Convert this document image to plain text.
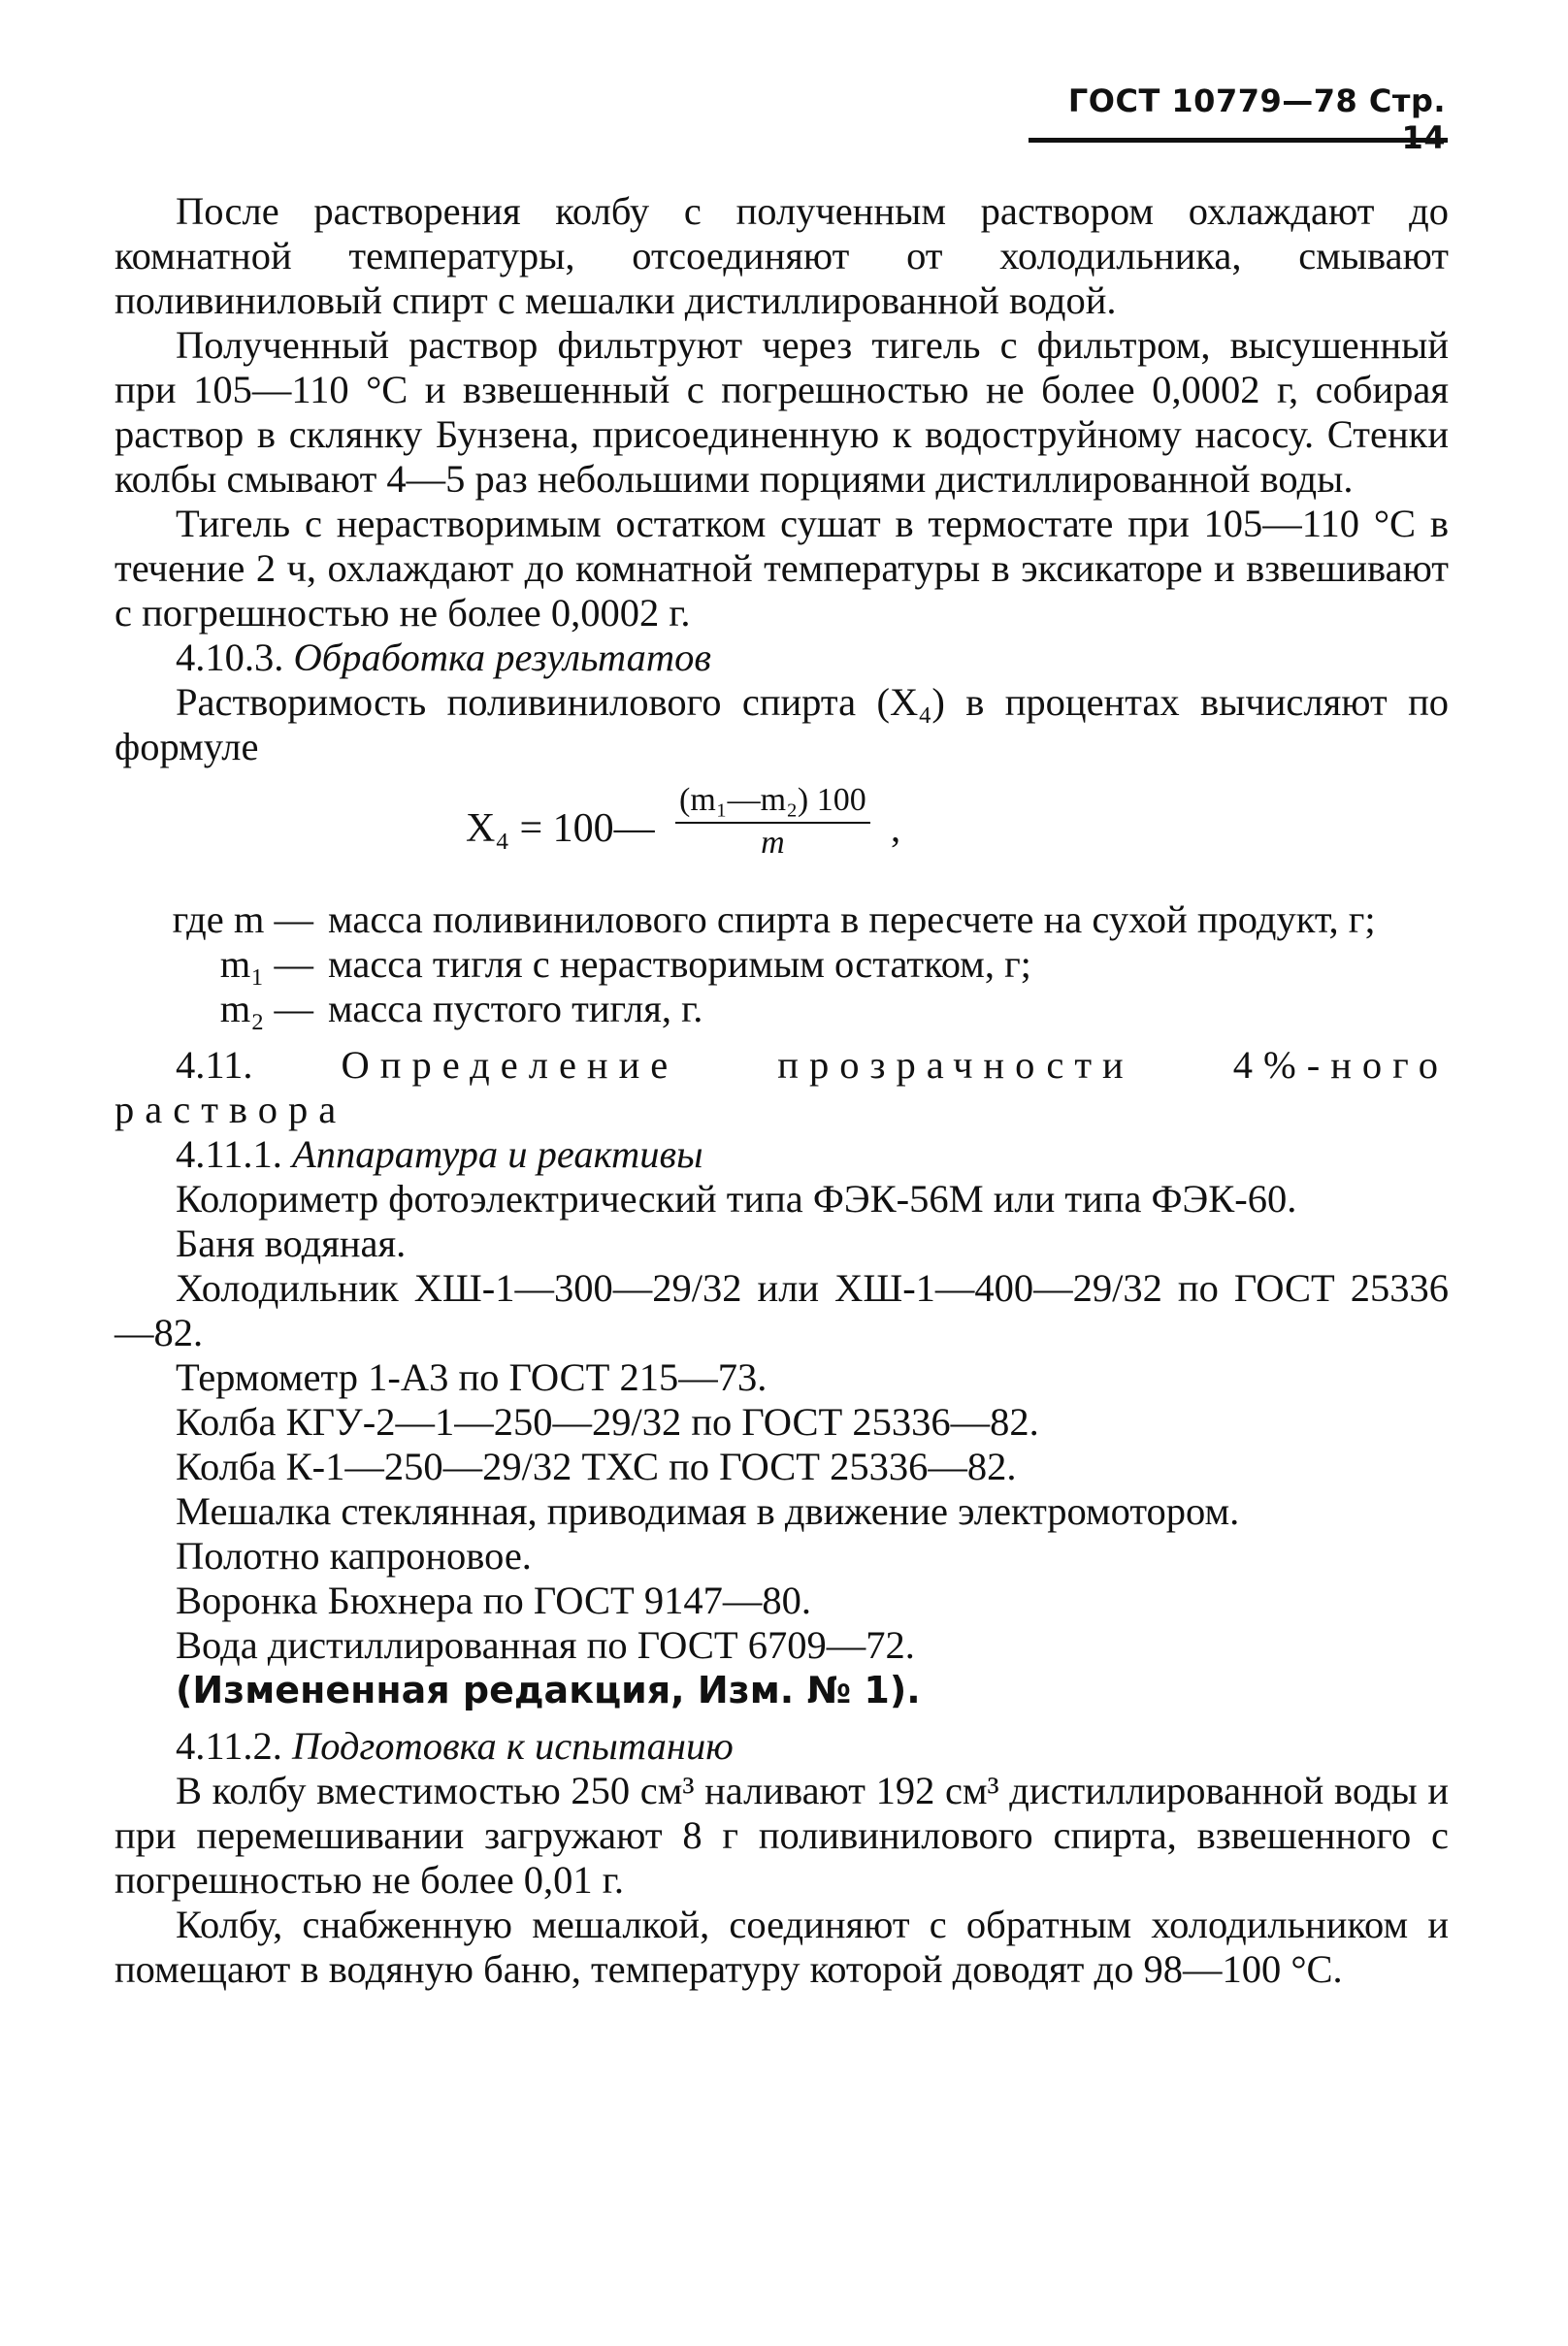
ГОСТ 10779—78 Стр.

После растворения колбу с полученным раствором охлаждают до комнатной температуры, отсоединяют от холодильника, смывают поливиниловый спирт с мешалки дистиллированной водой.

Полученный раствор фильтруют через тигель с фильтром, высушенный при 105—110 °С и взвешенный с погрешностью не более 0,0002 г, собирая раствор в склянку Бунзена, присоединенную к водоструйному насосу. Стенки колбы смывают 4—5 раз небольшими порциями дистиллированной воды.

Тигель с нерастворимым остатком сушат в термостате при 105—110 °С в течение 2 ч, охлаждают до комнатной температуры в эксикаторе и взвешивают с погрешностью не более 0,0002 г.

4.10.3. Обработка результатов

Растворимость поливинилового спирта (X₄) в процентах вычисляют по формуле

X₄ = 100— $\frac{\text{(m₁—m₂) 100}}{m}$ ,
где m — масса поливинилового спирта в пересчете на сухой продукт, г;
m₁ — масса тигля с нерастворимым остатком, г;
m₂ — масса пустого тигля, г.

4.11. Определение прозрачности 4%-ного раствора

4.11.1. Аппаратура и реактивы

Колориметр фотоэлектрический типа ФЭК-56М или типа ФЭК-60.

Баня водяная.

Холодильник ХШ-1—300—29/32 или ХШ-1—400—29/32 по ГОСТ 25336—82.

Термометр 1-А3 по ГОСТ 215—73.

Колба КГУ-2—1—250—29/32 по ГОСТ 25336—82.

Колба К-1—250—29/32 ТХС по ГОСТ 25336—82.

Мешалка стеклянная, приводимая в движение электромотором.

Полотно капроновое.

Воронка Бюхнера по ГОСТ 9147—80.

Вода дистиллированная по ГОСТ 6709—72.

(Измененная редакция, Изм. № 1).

4.11.2. Подготовка к испытанию

В колбу вместимостью 250 см³ наливают 192 см³ дистиллированной воды и при перемешивании загружают 8 г поливинилового спирта, взвешенного с погрешностью не более 0,01 г.

Колбу, снабженную мешалкой, соединяют с обратным холодильником и помещают в водяную баню, температуру которой доводят до 98—100 °С.
